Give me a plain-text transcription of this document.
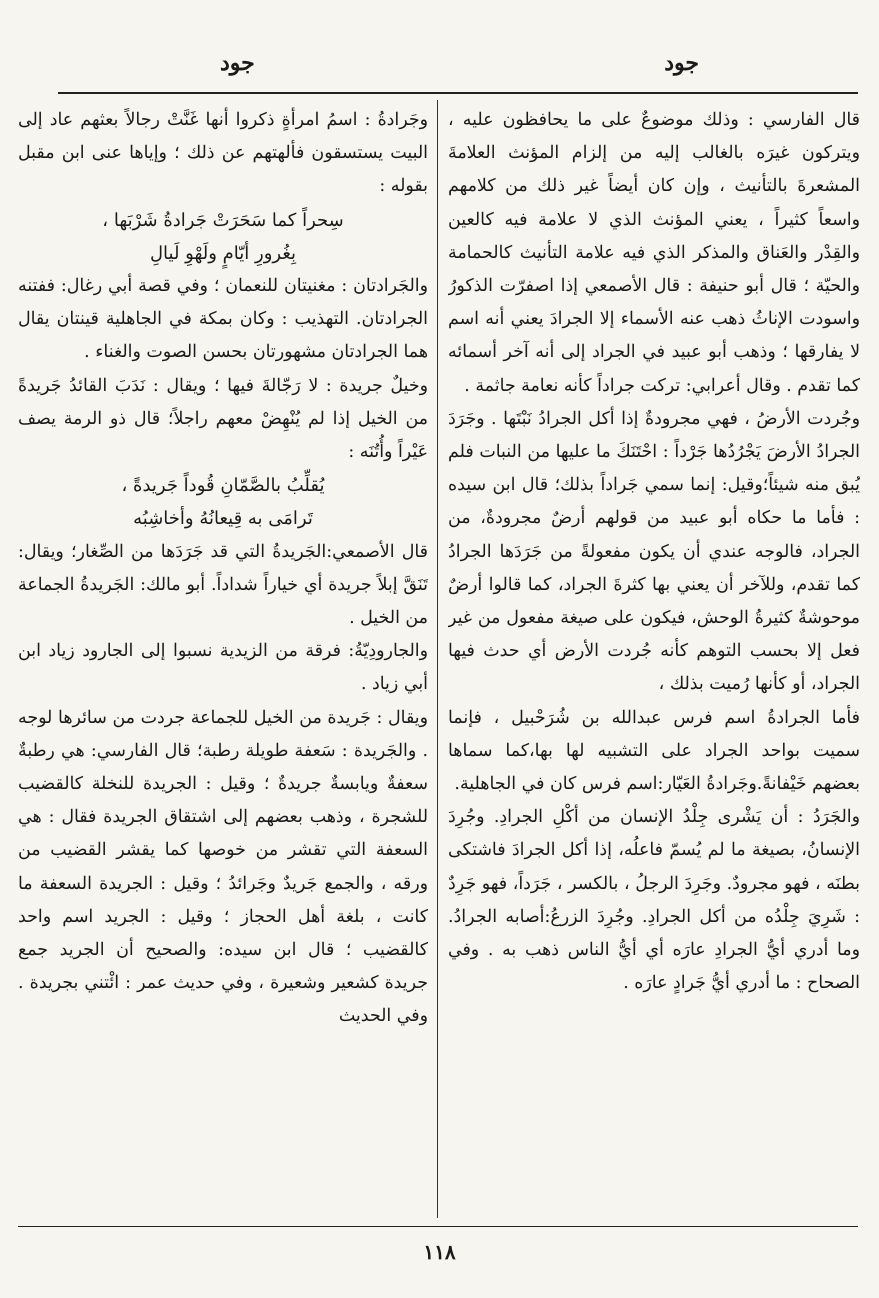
جود
جود

قال الفارسي : وذلك موضوعٌ على ما يحافظون عليه ، ويتركون غيرَه بالغالب إليه من إلزام المؤنث العلامةَ المشعرةَ بالتأنيث ، وإن كان أيضاً غير ذلك من كلامهم واسعاً كثيراً ، يعني المؤنث الذي لا علامة فيه كالعين والقِدْر والعَناق والمذكر الذي فيه علامة التأنيث كالحمامة والحيّة ؛ قال أبو حنيفة : قال الأصمعي إذا اصفرّت الذكورُ واسودت الإناثُ ذهب عنه الأسماء إلا الجرادَ يعني أنه اسم لا يفارقها ؛ وذهب أبو عبيد في الجراد إلى أنه آخر أسمائه كما تقدم . وقال أعرابي: تركت جراداً كأنه نعامة جاثمة .

وجُردت الأرضُ ، فهي مجرودةٌ إذا أكل الجرادُ نَبْتَها . وجَرَدَ الجرادُ الأرضَ يَجْرُدُها جَرْداً : احْتَنَكَ ما عليها من النبات فلم يُبق منه شيئاً؛وقيل: إنما سمي جَراداً بذلك؛ قال ابن سيده : فأما ما حكاه أبو عبيد من قولهم أرضٌ مجرودةٌ، من الجراد، فالوجه عندي أن يكون مفعولةً من جَرَدَها الجرادُ كما تقدم، وللآخر أن يعني بها كثرةَ الجراد، كما قالوا أرضٌ موحوشةٌ كثيرةُ الوحش، فيكون على صيغة مفعول من غير فعل إلا بحسب التوهم كأنه جُردت الأرض أي حدث فيها الجراد، أو كأنها رُميت بذلك ،

فأما الجرادةُ اسم فرس عبدالله بن شُرَحْبيل ، فإنما سميت بواحد الجراد على التشبيه لها بها،كما سماها بعضهم خَيْفانةً.وجَرادةُ العَيّار:اسم فرس كان في الجاهلية.

والجَرَدُ : أن يَشْرى جِلْدُ الإنسان من أكْلِ الجرادِ. وجُرِدَ الإنسانُ، بصيغة ما لم يُسمّ فاعلُه، إذا أكل الجرادَ فاشتكى بطنَه ، فهو مجرودٌ. وجَرِدَ الرجلُ ، بالكسر ، جَرَداً، فهو جَرِدٌ : شَرِيَ جِلْدُه من أكل الجرادِ. وجُرِدَ الزرعُ:أصابه الجرادُ. وما أدري أيُّ الجرادِ عارَه أي أيُّ الناس ذهب به . وفي الصحاح : ما أدري أيُّ جَرادٍ عارَه .

وجَرادةُ : اسمُ امرأةٍ ذكروا أنها غَنَّتْ رجالاً بعثهم عاد إلى البيت يستسقون فألهتهم عن ذلك ؛ وإياها عنى ابن مقبل بقوله :

سِحراً كما سَحَرَتْ جَرادةُ شَرْبَها ،

بِغُرورِ أيّامٍ ولَهْوِ لَيالِ

والجَرادتان : مغنيتان للنعمان ؛ وفي قصة أبي رغال: ففتنه الجرادتان. التهذيب : وكان بمكة في الجاهلية قينتان يقال هما الجرادتان مشهورتان بحسن الصوت والغناء .

وخيلٌ جريدة : لا رَجّالةَ فيها ؛ ويقال : نَدَبَ القائدُ جَريدةً من الخيل إذا لم يُنْهِضْ معهم راجلاً؛ قال ذو الرمة يصف عَيْراً وأُتُنَه :

يُقلِّبُ بالصَّمّانِ قُوداً جَريدةً ،

تَرامَى به قِيعانُهُ وأخاشِبُه

قال الأصمعي:الجَريدةُ التي قد جَرَدَها من الصِّغار؛ ويقال: تَنَقَّ إبلاً جريدة أي خياراً شداداً. أبو مالك: الجَريدةُ الجماعة من الخيل .

والجارودِيّةُ: فرقة من الزيدية نسبوا إلى الجارود زياد ابن أبي زياد .

ويقال : جَريدة من الخيل للجماعة جردت من سائرها لوجه . والجَريدة : سَعفة طويلة رطبة؛ قال الفارسي: هي رطبةٌ سعفةٌ ويابسةٌ جريدةٌ ؛ وقيل : الجريدة للنخلة كالقضيب للشجرة ، وذهب بعضهم إلى اشتقاق الجريدة فقال : هي السعفة التي تقشر من خوصها كما يقشر القضيب من ورقه ، والجمع جَريدٌ وجَرائدُ ؛ وقيل : الجريدة السعفة ما كانت ، بلغة أهل الحجاز ؛ وقيل : الجريد اسم واحد كالقضيب ؛ قال ابن سيده: والصحيح أن الجريد جمع جريدة كشعير وشعيرة ، وفي حديث عمر : ائْتني بجريدة . وفي الحديث

١١٨
